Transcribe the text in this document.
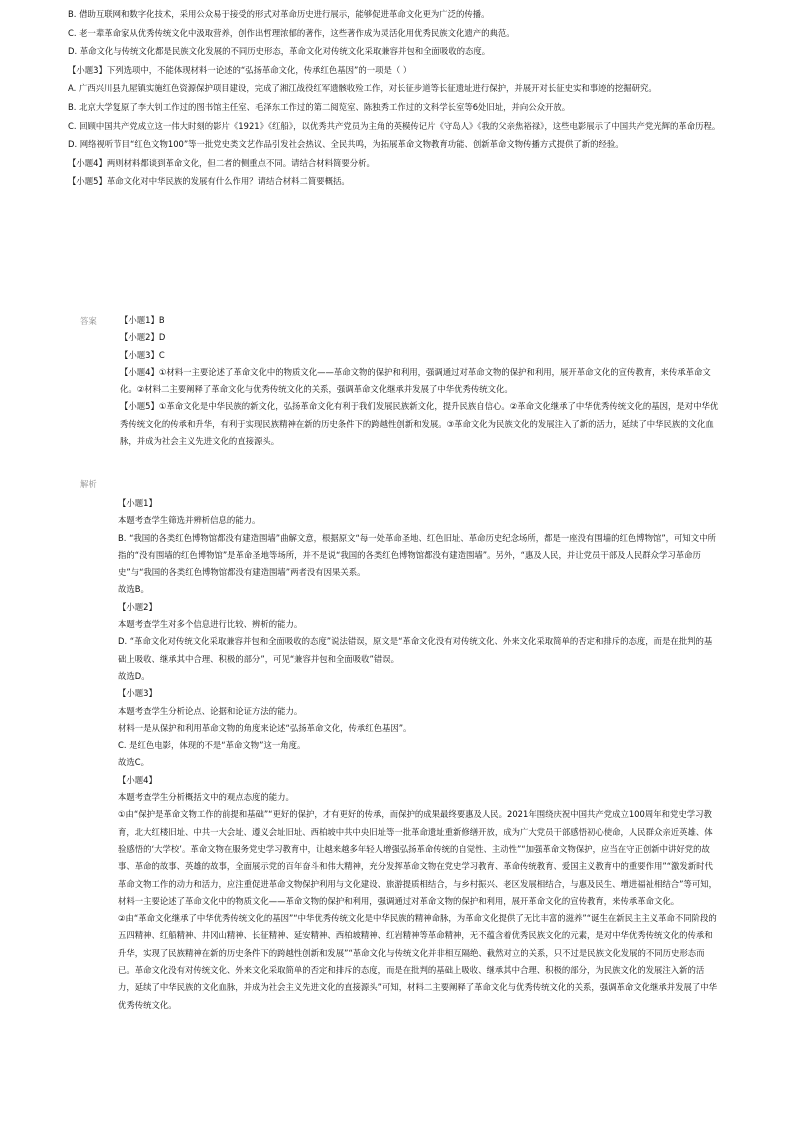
B. 借助互联网和数字化技术，采用公众易于接受的形式对革命历史进行展示，能够促进革命文化更为广泛的传播。

C. 老一辈革命家从优秀传统文化中汲取营养，创作出哲理浓郁的著作，这些著作成为灵活化用优秀民族文化遗产的典范。

D. 革命文化与传统文化都是民族文化发展的不同历史形态，革命文化对传统文化采取兼容并包和全面吸收的态度。

【小题3】下列选项中，不能体现材料一论述的“弘扬革命文化，传承红色基因”的一项是（ ）

A. 广西兴川县九屋镇实施红色资源保护项目建设，完成了湘江战役红军遗骸收殓工作，对长征步道等长征遗址进行保护，并展开对长征史实和事迹的挖掘研究。

B. 北京大学复原了李大钊工作过的图书馆主任室、毛泽东工作过的第二阅览室、陈独秀工作过的文科学长室等6处旧址，并向公众开放。

C. 回顾中国共产党成立这一伟大时刻的影片《1921》《红船》，以优秀共产党员为主角的英模传记片《守岛人》《我的父亲焦裕禄》，这些电影展示了中国共产党光辉的革命历程。

D. 网络视听节目“红色文物100”等一批党史类文艺作品引发社会热议、全民共鸣，为拓展革命文物教育功能、创新革命文物传播方式提供了新的经验。

【小题4】两则材料都谈到革命文化，但二者的侧重点不同。请结合材料简要分析。

【小题5】革命文化对中华民族的发展有什么作用？请结合材料二简要概括。

答案	【小题1】B

【小题2】D

【小题3】C

【小题4】①材料一主要论述了革命文化中的物质文化——革命文物的保护和利用，强调通过对革命文物的保护和利用，展开革命文化的宣传教育，来传承革命文化。②材料二主要阐释了革命文化与优秀传统文化的关系，强调革命文化继承并发展了中华优秀传统文化。

【小题5】①革命文化是中华民族的新文化，弘扬革命文化有利于我们发展民族新文化，提升民族自信心。②革命文化继承了中华优秀传统文化的基因，是对中华优秀传统文化的传承和升华，有利于实现民族精神在新的历史条件下的跨越性创新和发展。③革命文化为民族文化的发展注入了新的活力，延续了中华民族的文化血脉，并成为社会主义先进文化的直接源头。

解析

【小题1】

本题考查学生筛选并辨析信息的能力。

B. “我国的各类红色博物馆都没有建造围墙”曲解文意，根据原文“每一处革命圣地、红色旧址、革命历史纪念场所，都是一座没有围墙的红色博物馆”，可知文中所指的“没有围墙的红色博物馆”是革命圣地等场所，并不是说“我国的各类红色博物馆都没有建造围墙”。另外，“惠及人民，并让党员干部及人民群众学习革命历史”与“我国的各类红色博物馆都没有建造围墙”两者没有因果关系。

故选B。

【小题2】

本题考查学生对多个信息进行比较、辨析的能力。

D. “革命文化对传统文化采取兼容并包和全面吸收的态度”说法错误，原文是“革命文化没有对传统文化、外来文化采取简单的否定和排斥的态度，而是在批判的基础上吸收、继承其中合理、积极的部分”，可见“兼容并包和全面吸收”错误。

故选D。

【小题3】

本题考查学生分析论点、论据和论证方法的能力。

材料一是从保护和利用革命文物的角度来论述“弘扬革命文化，传承红色基因”。

C. 是红色电影，体现的不是“革命文物”这一角度。

故选C。

【小题4】

本题考查学生分析概括文中的观点态度的能力。

①由“保护是革命文物工作的前提和基础”“更好的保护，才有更好的传承，而保护的成果最终要惠及人民。2021年围绕庆祝中国共产党成立100周年和党史学习教育，北大红楼旧址、中共一大会址、遵义会址旧址、西柏坡中共中央旧址等一批革命遗址重新修缮开放，成为广大党员干部感悟初心使命，人民群众亲近英雄、体验感悟的‘大学校’。革命文物在服务党史学习教育中，让越来越多年轻人增强弘扬革命传统的自觉性、主动性”“加强革命文物保护，应当在守正创新中讲好党的故事、革命的故事、英雄的故事，全面展示党的百年奋斗和伟大精神，充分发挥革命文物在党史学习教育、革命传统教育、爱国主义教育中的重要作用”“激发新时代革命文物工作的动力和活力，应注重促进革命文物保护利用与文化建设、旅游提质相结合，与乡村振兴、老区发展相结合，与惠及民生、增进福祉相结合”等可知，材料一主要论述了革命文化中的物质文化——革命文物的保护和利用，强调通过对革命文物的保护和利用，展开革命文化的宣传教育，来传承革命文化。

②由“革命文化继承了中华优秀传统文化的基因”“中华优秀传统文化是中华民族的精神命脉，为革命文化提供了无比丰富的滋养”“诞生在新民主主义革命不同阶段的五四精神、红船精神、井冈山精神、长征精神、延安精神、西柏坡精神、红岩精神等革命精神，无不蕴含着优秀民族文化的元素，是对中华优秀传统文化的传承和升华，实现了民族精神在新的历史条件下的跨越性创新和发展”“革命文化与传统文化并非相互隔绝、截然对立的关系，只不过是民族文化发展的不同历史形态而已。革命文化没有对传统文化、外来文化采取简单的否定和排斥的态度，而是在批判的基础上吸收、继承其中合理、积极的部分，为民族文化的发展注入新的活力，延续了中华民族的文化血脉，并成为社会主义先进文化的直接源头”可知，材料二主要阐释了革命文化与优秀传统文化的关系，强调革命文化继承并发展了中华优秀传统文化。
